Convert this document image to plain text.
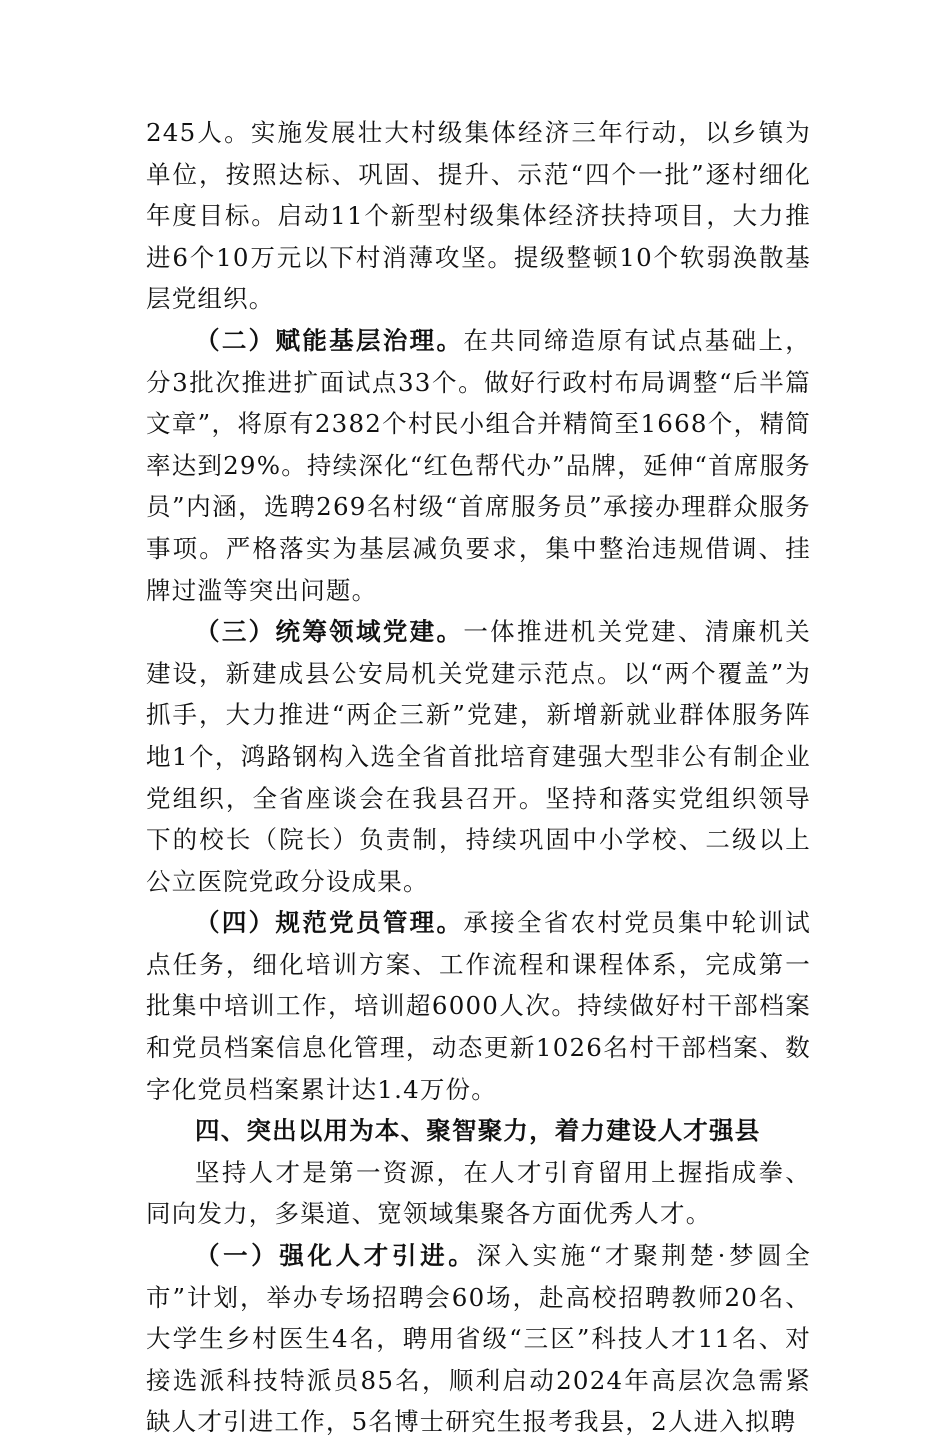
245人。实施发展壮大村级集体经济三年行动，以乡镇为单位，按照达标、巩固、提升、示范“四个一批”逐村细化年度目标。启动11个新型村级集体经济扶持项目，大力推进6个10万元以下村消薄攻坚。提级整顿10个软弱涣散基层党组织。

（二）赋能基层治理。在共同缔造原有试点基础上，分3批次推进扩面试点33个。做好行政村布局调整“后半篇文章”，将原有2382个村民小组合并精简至1668个，精简率达到29%。持续深化“红色帮代办”品牌，延伸“首席服务员”内涵，选聘269名村级“首席服务员”承接办理群众服务事项。严格落实为基层减负要求，集中整治违规借调、挂牌过滥等突出问题。

（三）统筹领域党建。一体推进机关党建、清廉机关建设，新建成县公安局机关党建示范点。以“两个覆盖”为抓手，大力推进“两企三新”党建，新增新就业群体服务阵地1个，鸿路钢构入选全省首批培育建强大型非公有制企业党组织，全省座谈会在我县召开。坚持和落实党组织领导下的校长（院长）负责制，持续巩固中小学校、二级以上公立医院党政分设成果。

（四）规范党员管理。承接全省农村党员集中轮训试点任务，细化培训方案、工作流程和课程体系，完成第一批集中培训工作，培训超6000人次。持续做好村干部档案和党员档案信息化管理，动态更新1026名村干部档案、数字化党员档案累计达1.4万份。

四、突出以用为本、聚智聚力，着力建设人才强县

坚持人才是第一资源，在人才引育留用上握指成拳、同向发力，多渠道、宽领域集聚各方面优秀人才。

（一）强化人才引进。深入实施“才聚荆楚·梦圆全市”计划，举办专场招聘会60场，赴高校招聘教师20名、大学生乡村医生4名，聘用省级“三区”科技人才11名、对接选派科技特派员85名，顺利启动2024年高层次急需紧缺人才引进工作，5名博士研究生报考我县，2人进入拟聘
